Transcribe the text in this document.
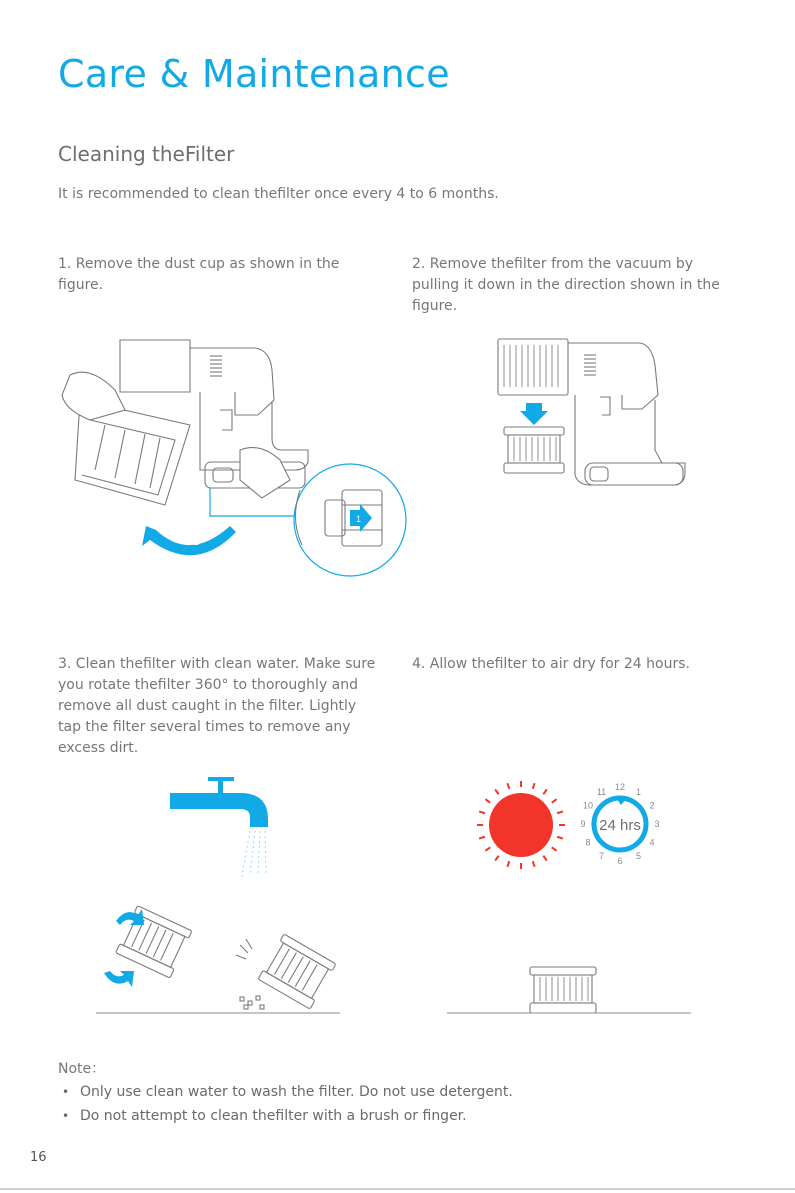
Care & Maintenance
Cleaning theFilter
It is recommended to clean thefilter once every 4 to 6 months.
1. Remove the dust cup as shown in the figure.
2. Remove thefilter from the vacuum by pulling it down in the direction shown in the figure.
3. Clean thefilter with clean water. Make sure you rotate thefilter 360° to thoroughly and remove all dust caught in the filter. Lightly tap the filter several times to remove any excess dirt.
4. Allow thefilter to air dry for 24 hours.
1
2
24 hrs
12 1
2
3
4
5
6
7
8
9
10
11
Note：
• Only use clean water to wash the filter. Do not use detergent.
• Do not attempt to clean thefilter with a brush or finger.
16
